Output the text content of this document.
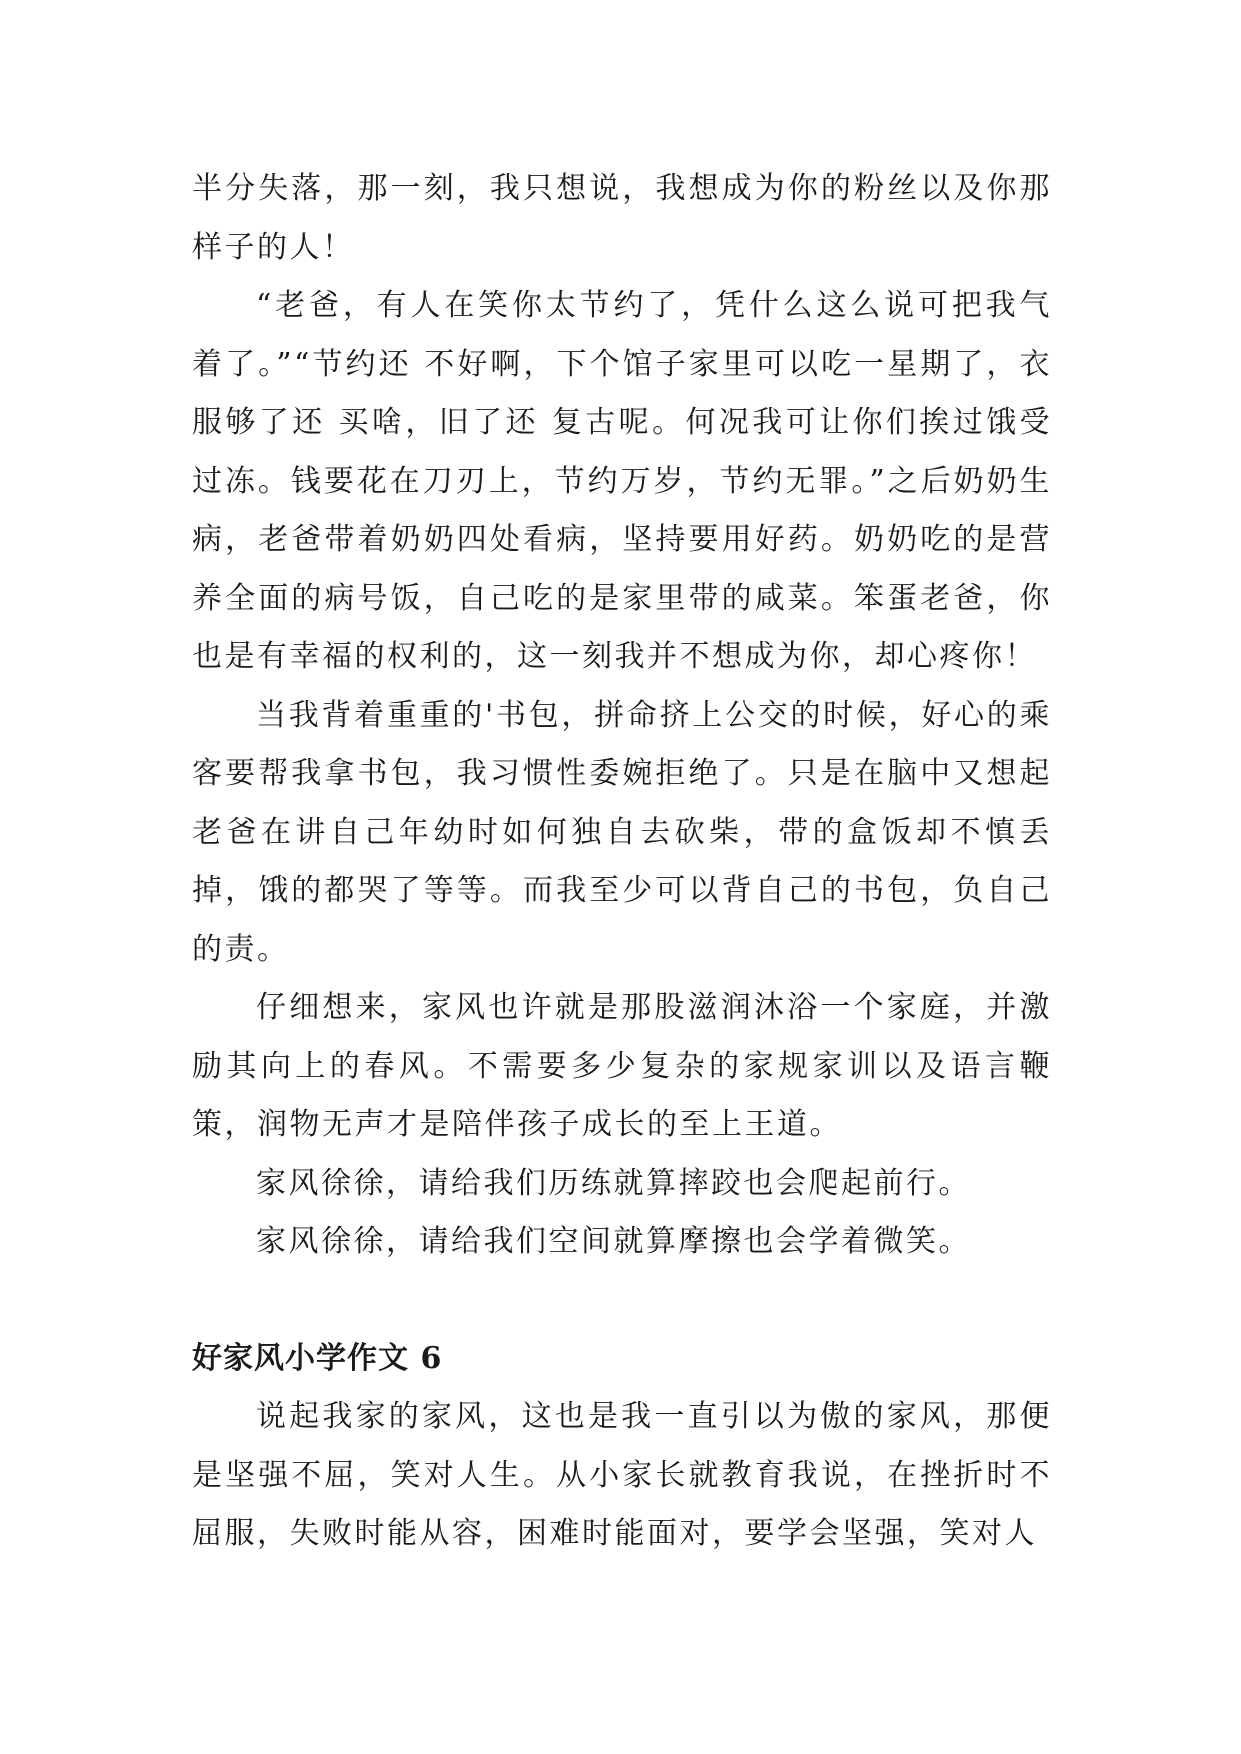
半分失落，那一刻，我只想说，我想成为你的粉丝以及你那样子的人！

“老爸，有人在笑你太节约了，凭什么这么说可把我气着了。”“节约还 不好啊，下个馆子家里可以吃一星期了，衣服够了还 买啥，旧了还 复古呢。何况我可让你们挨过饿受过冻。钱要花在刀刃上，节约万岁，节约无罪。”之后奶奶生病，老爸带着奶奶四处看病，坚持要用好药。奶奶吃的是营养全面的病号饭，自己吃的是家里带的咸菜。笨蛋老爸，你也是有幸福的权利的，这一刻我并不想成为你，却心疼你！

当我背着重重的'书包，拼命挤上公交的时候，好心的乘客要帮我拿书包，我习惯性委婉拒绝了。只是在脑中又想起老爸在讲自己年幼时如何独自去砍柴，带的盒饭却不慎丢掉，饿的都哭了等等。而我至少可以背自己的书包，负自己的责。

仔细想来，家风也许就是那股滋润沐浴一个家庭，并激励其向上的春风。不需要多少复杂的家规家训以及语言鞭策，润物无声才是陪伴孩子成长的至上王道。

家风徐徐，请给我们历练就算摔跤也会爬起前行。

家风徐徐，请给我们空间就算摩擦也会学着微笑。

好家风小学作文 6

说起我家的家风，这也是我一直引以为傲的家风，那便是坚强不屈，笑对人生。从小家长就教育我说，在挫折时不屈服，失败时能从容，困难时能面对，要学会坚强，笑对人
